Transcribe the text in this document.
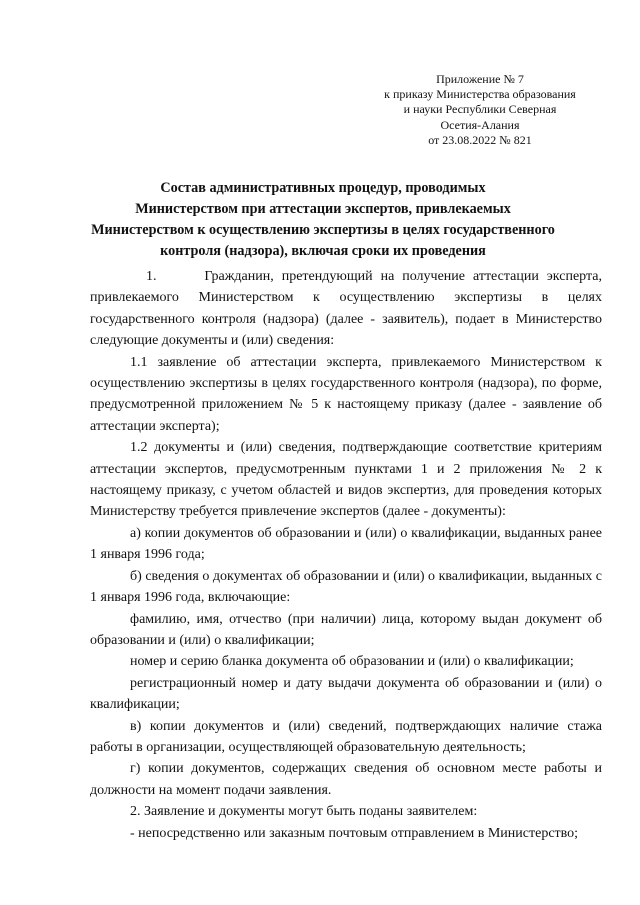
Приложение № 7
к приказу Министерства образования
и науки Республики Северная
Осетия-Алания
от 23.08.2022 № 821
Состав административных процедур, проводимых
Министерством при аттестации экспертов, привлекаемых
Министерством к осуществлению экспертизы в целях государственного
контроля (надзора), включая сроки их проведения

1.      Гражданин, претендующий на получение аттестации эксперта, привлекаемого Министерством к осуществлению экспертизы в целях государственного контроля (надзора) (далее - заявитель), подает в Министерство следующие документы и (или) сведения:

1.1 заявление об аттестации эксперта, привлекаемого Министерством к осуществлению экспертизы в целях государственного контроля (надзора), по форме, предусмотренной приложением № 5 к настоящему приказу (далее - заявление об аттестации эксперта);

1.2 документы и (или) сведения, подтверждающие соответствие критериям аттестации экспертов, предусмотренным пунктами 1 и 2 приложения № 2 к настоящему приказу, с учетом областей и видов экспертиз, для проведения которых Министерству требуется привлечение экспертов (далее - документы):

а) копии документов об образовании и (или) о квалификации, выданных ранее 1 января 1996 года;

б) сведения о документах об образовании и (или) о квалификации, выданных с 1 января 1996 года, включающие:

фамилию, имя, отчество (при наличии) лица, которому выдан документ об образовании и (или) о квалификации;

номер и серию бланка документа об образовании и (или) о квалификации;

регистрационный номер и дату выдачи документа об образовании и (или) о квалификации;

в) копии документов и (или) сведений, подтверждающих наличие стажа работы в организации, осуществляющей образовательную деятельность;

г) копии документов, содержащих сведения об основном месте работы и должности на момент подачи заявления.

2. Заявление и документы могут быть поданы заявителем:

- непосредственно или заказным почтовым отправлением в Министерство;
